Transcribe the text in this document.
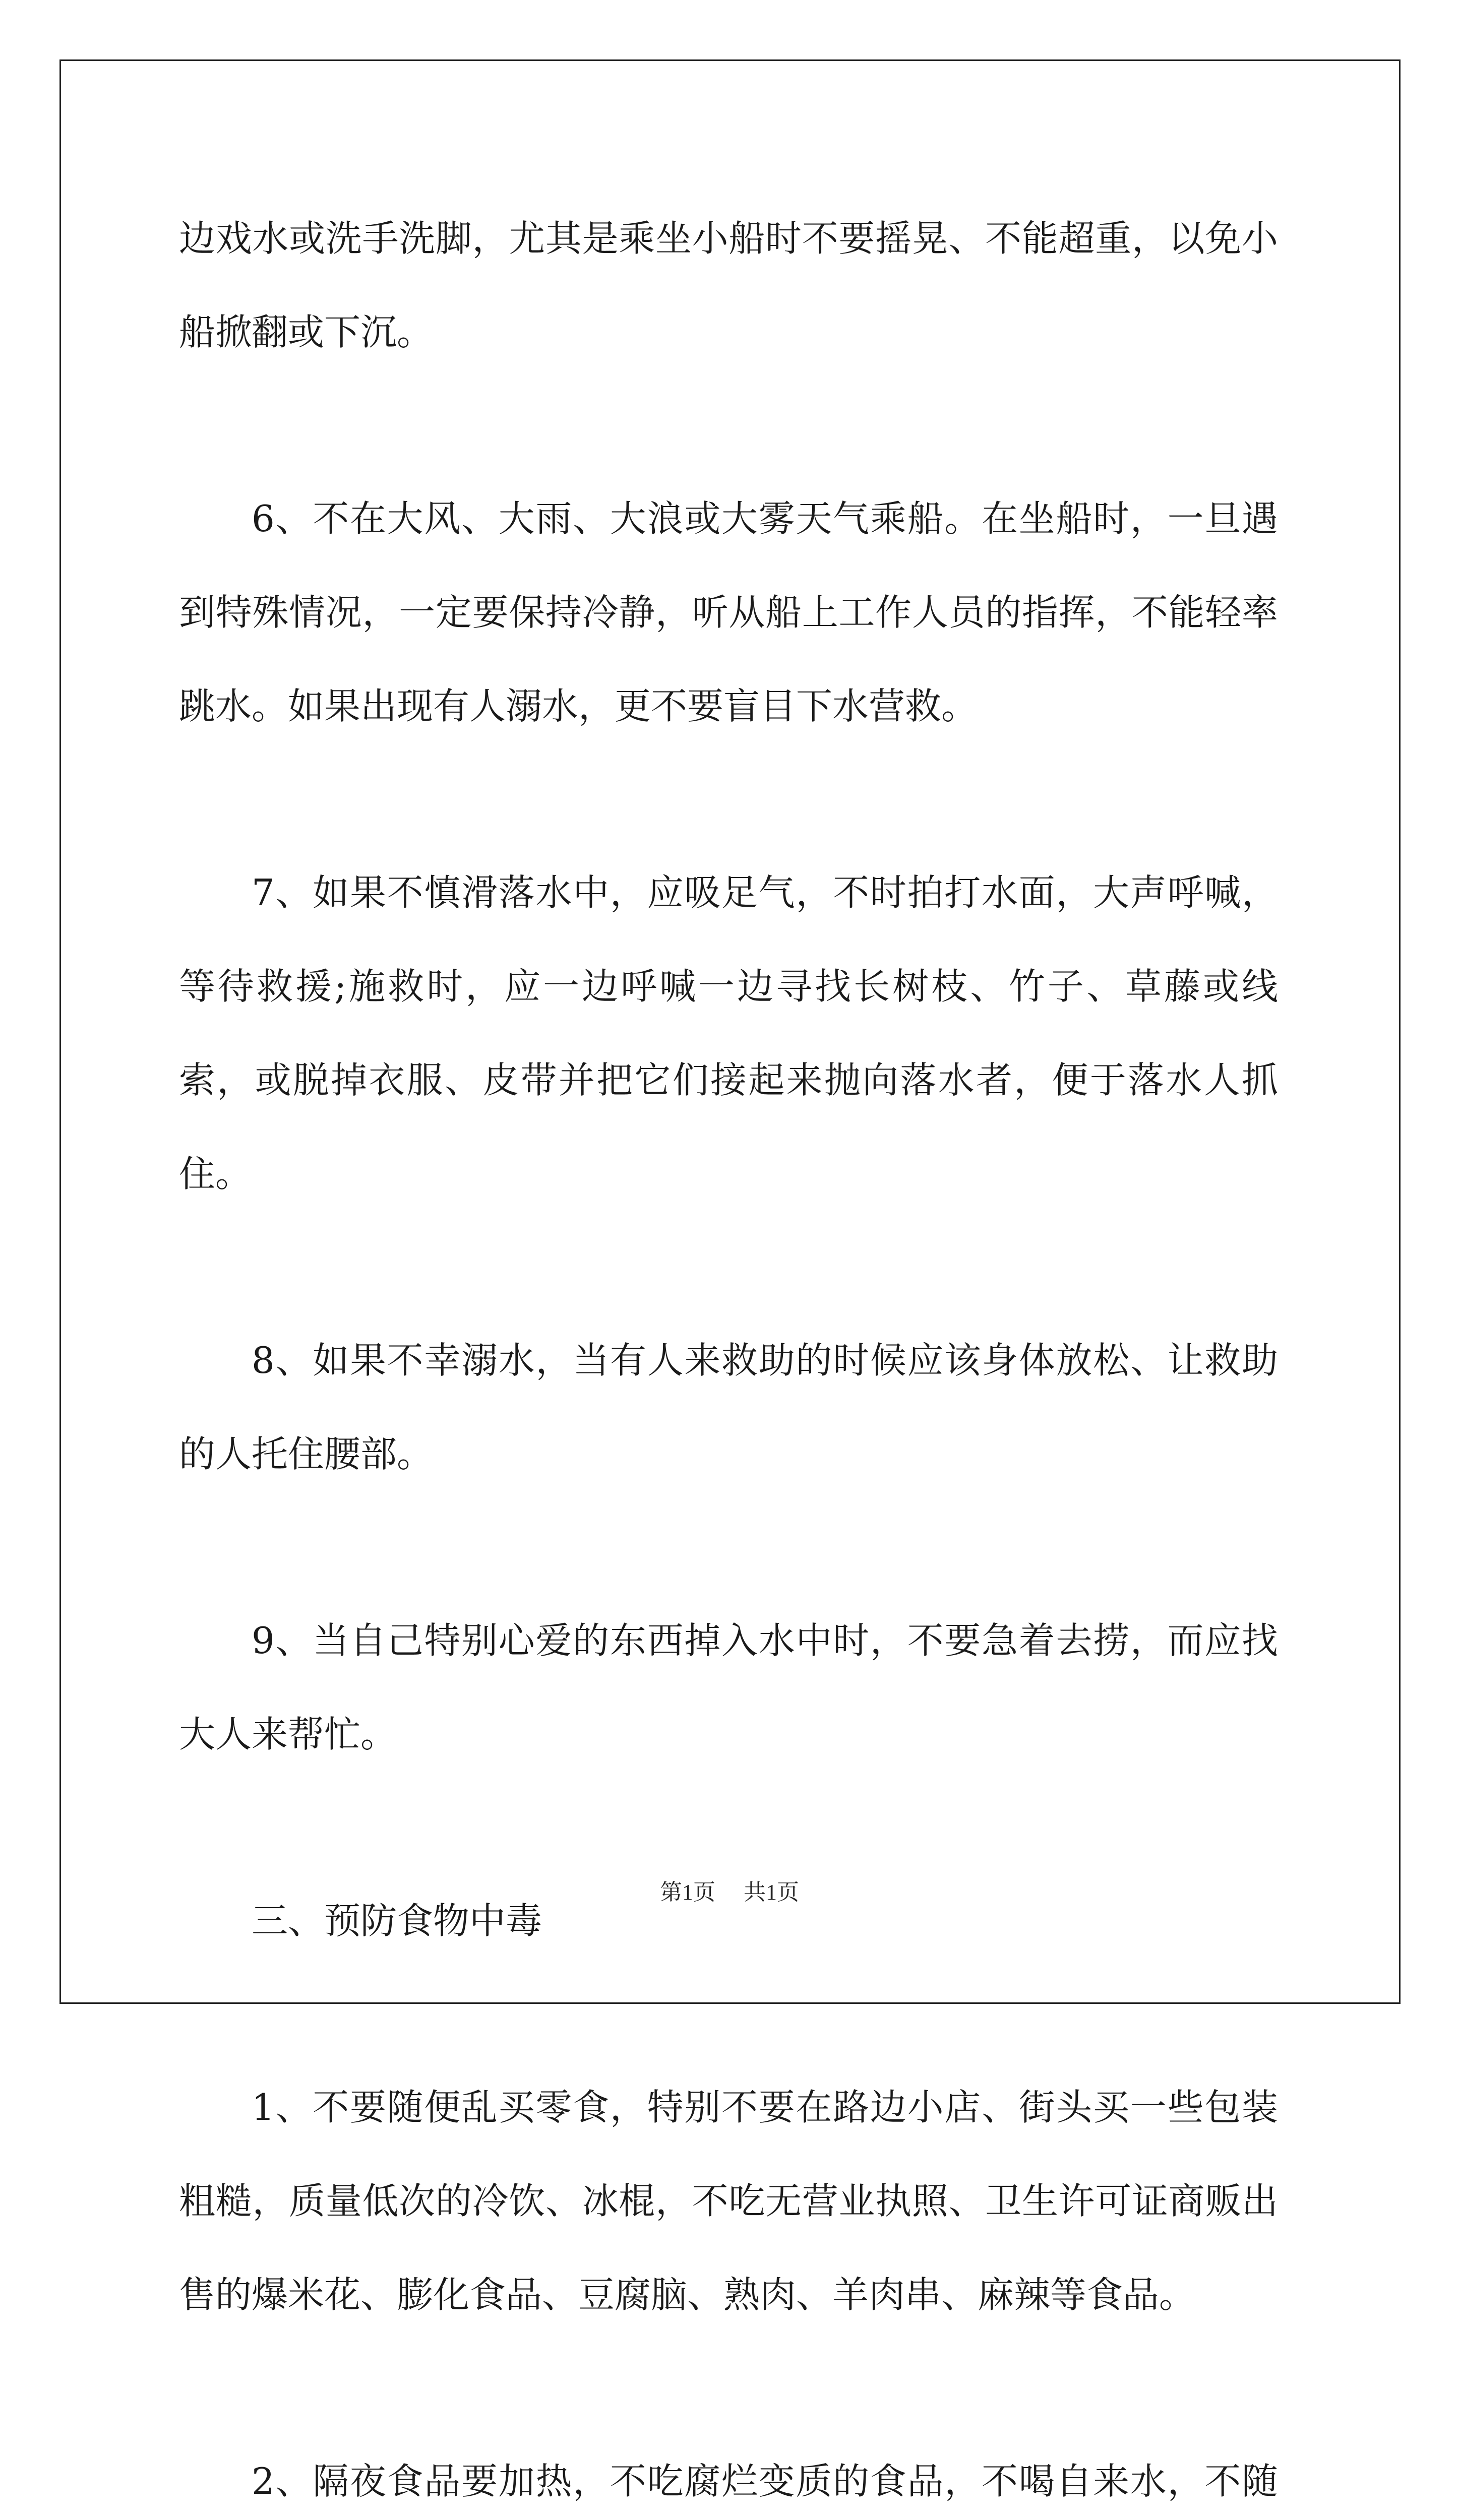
边戏水或洗手洗脚，尤其是乘坐小船时不要摇晃、不能超重，以免小船掀翻或下沉。

6、不在大风、大雨、大浪或大雾天气乘船。在坐船时，一旦遇到特殊情况，一定要保持冷静，听从船上工作人员的指挥，不能轻率跳水。如果出现有人溺水，更不要盲目下水营救。

7、如果不慎滑落水中，应吸足气，不时拍打水面，大声呼喊，等待救援;施救时，应一边呼喊一边寻找长树枝、竹子、草藤或线索，或脱掉衣服、皮带并把它们接起来抛向落水者，便于落水人抓住。

8、如果不幸溺水，当有人来救助的时候应该身体放松、让救助的人托住腰部。

9、当自己特别心爱的东西掉入水中时，不要急着去捞，而应找大人来帮忙。

三、预防食物中毒

1、不要随便乱买零食，特别不要在路边小店、街头买一些包装粗糙，质量低次的冷饮、冰棍，不吃无营业执照、卫生许可证商贩出售的爆米花、膨化食品、豆腐脑、熟肉、羊肉串、麻辣等食品。

2、隔夜食品要加热，不吃腐烂变质的食品，不喝自来水，不随

第1页 共1页
